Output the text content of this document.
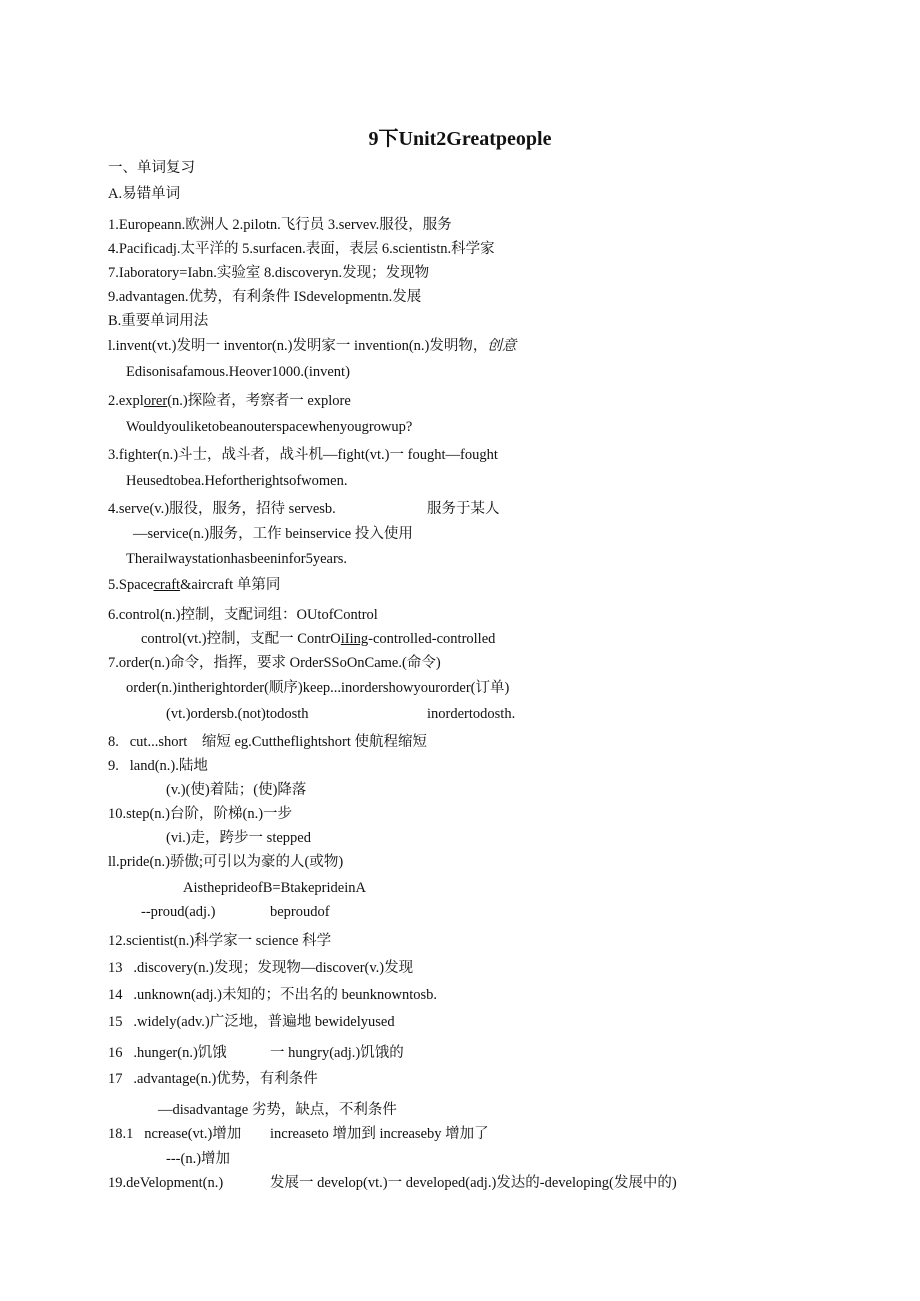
9下Unit2Greatpeople
一、单词复习
A.易错单词
1.Europeann.欧洲人 2.pilotn.飞行员 3.servev.服役，服务
4.Pacificadj.太平洋的 5.surfacen.表面，表层 6.scientistn.科学家
7.Iaboratory=Iabn.实验室 8.discoveryn.发现；发现物
9.advantagen.优势，有利条件 ISdevelopmentn.发展
B.重要单词用法
l.invent(vt.)发明一 inventor(n.)发明家一 invention(n.)发明物，创意
Edisonisafamous.Heover1000.(invent)
2.explorer(n.)探险者，考察者一 explore
Wouldyouliketobeanouterspacewhenyougrowup?
3.fighter(n.)斗士，战斗者，战斗机—fight(vt.)一 fought—fought
Heusedtobea.Hefortherightsofwomen.
4.serve(v.)服役，服务，招待 servesb.	服务于某人
—service(n.)服务，工作 beinservice 投入使用
Therailwaystationhasbeeninfor5years.
5.Spacecraft&aircraft 单第同
6.control(n.)控制，支配词组：OUtofControl
control(vt.)控制，支配一 ContrOiIing-controlled-controlled
7.order(n.)命令，指挥，要求 OrderSSoOnCame.(命令)
order(n.)intherightorder(顺序)keep...inordershowyourorder(订单)
(vt.)ordersb.(not)todosth	inordertodosth.
8.   cut...short    缩短 eg.Cuttheflightshort 使航程缩短
9.   land(n.).陆地
(v.)(使)着陆；(使)降落
10.step(n.)台阶，阶梯(n.)一步
(vi.)走，跨步一 stepped
ll.pride(n.)骄傲;可引以为豪的人(或物)
AistheprideofB=BtakeprideinA
--proud(adj.)	beproudof
12.scientist(n.)科学家一 science 科学
13   .discovery(n.)发现；发现物—discover(v.)发现
14   .unknown(adj.)未知的；不出名的 beunknowntosb.
15   .widely(adv.)广泛地，普遍地 bewidelyused
16   .hunger(n.)饥饿	一 hungry(adj.)饥饿的
17   .advantage(n.)优势，有利条件
—disadvantage 劣势，缺点，不利条件
18.1   ncrease(vt.)增加 increaseto 增加到 increaseby 增加了
---(n.)增加
19.deVelopment(n.)	发展一 develop(vt.)一 developed(adj.)发达的-developing(发展中的)
